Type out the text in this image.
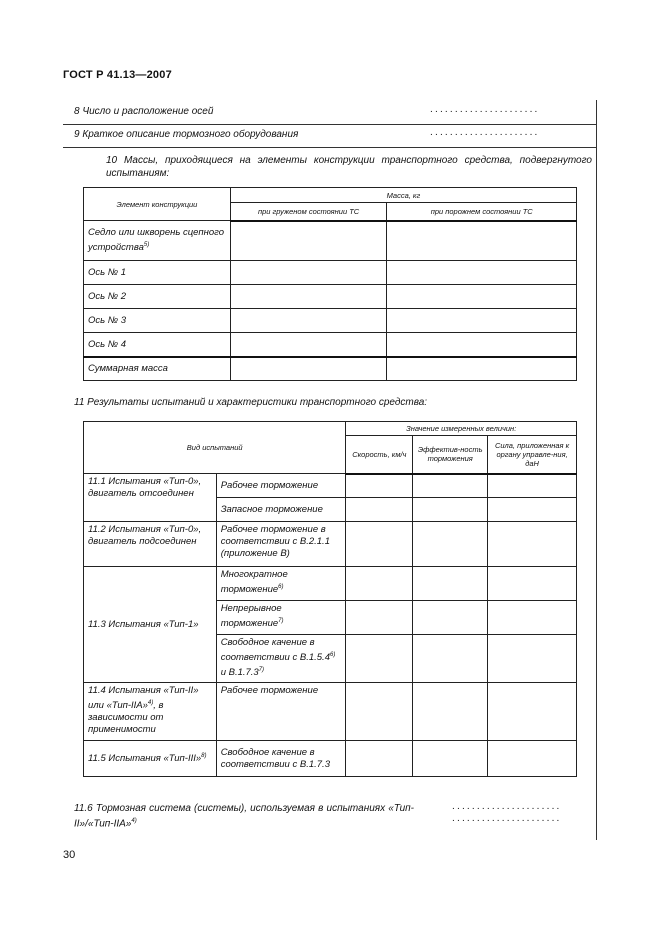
ГОСТ Р 41.13—2007
8 Число и расположение осей	......................
9 Краткое описание тормозного оборудования	......................
10 Массы, приходящиеся на элементы конструкции транспортного средства, подвергнутого испытаниям:
Элемент конструкции	Масса, кг	
	при груженом состоянии ТС	при порожнем состоянии ТС
Седло или шкворень сцепного устройства$^{5)}$		
Ось № 1		
Ось № 2		
Ось № 3		
Ось № 4		
Суммарная масса		
11 Результаты испытаний и характеристики транспортного средства:
Вид испытаний		Значение измеренных величин:		
		Скорость, км/ч	Эффектив-ность торможения	Сила, приложенная к органу управле-ния, даН
11.1 Испытания «Тип-0», двигатель отсоединен	Рабочее торможение			
	Запасное торможение			
11.2 Испытания «Тип-0», двигатель подсоединен	Рабочее торможение в соответствии с В.2.1.1 (приложение В)			
11.3 Испытания «Тип-1»	Многократное торможение$^{6)}$			
	Непрерывное торможение$^{7)}$			
	Свободное качение в соответствии с В.1.5.4$^{6)}$ и В.1.7.3$^{7)}$			
11.4 Испытания «Тип-II» или «Тип-IIA»$^{4)}$, в зависимости от применимости	Рабочее торможение			
11.5 Испытания «Тип-III»$^{8)}$	Свободное качение в соответствии с В.1.7.3			
11.6 Тормозная система (системы), используемая в испытаниях «Тип-II»/«Тип-IIA»$^{4)}$
......................
......................
30
